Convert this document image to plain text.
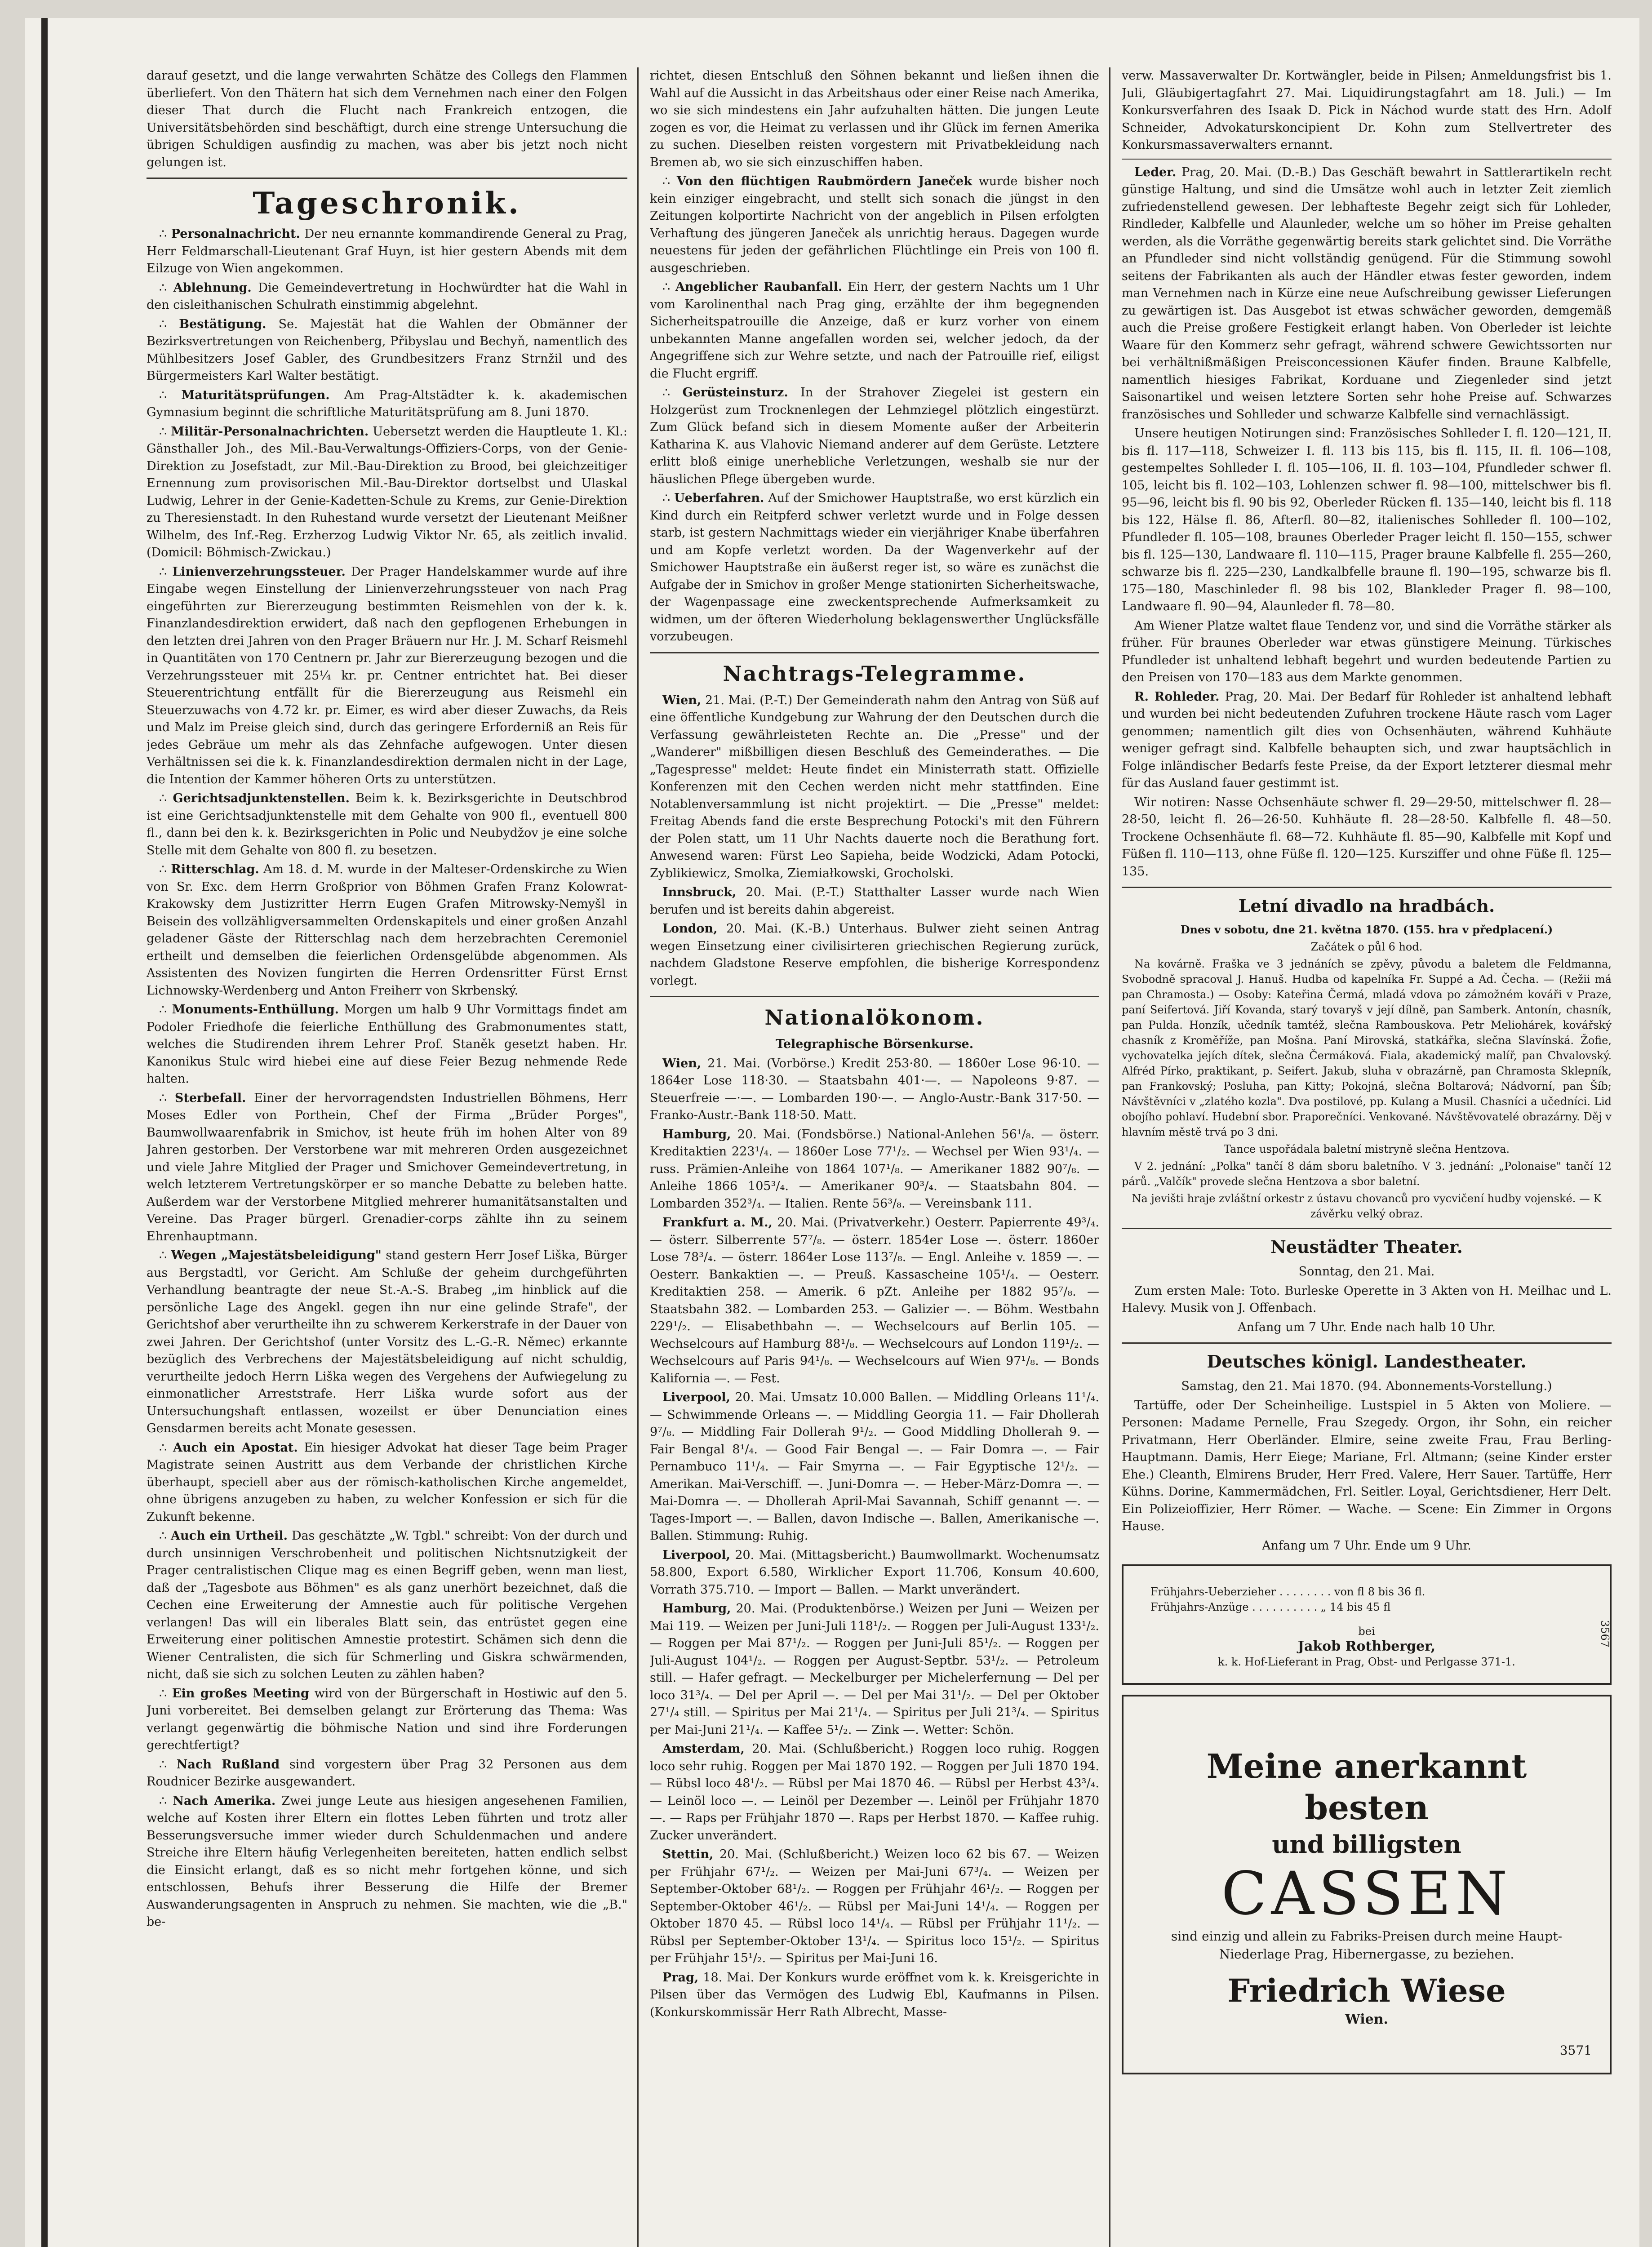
darauf gesetzt, und die lange verwahrten Schätze des Collegs den Flammen überliefert. Von den Thätern hat sich dem Vernehmen nach einer den Folgen dieser That durch die Flucht nach Frankreich entzogen, die Universitätsbehörden sind beschäftigt, durch eine strenge Untersuchung die übrigen Schuldigen ausfindig zu machen, was aber bis jetzt noch nicht gelungen ist.

Tageschronik.

∴ Personalnachricht. Der neu ernannte kommandirende General zu Prag, Herr Feldmarschall-Lieutenant Graf Huyn, ist hier gestern Abends mit dem Eilzuge von Wien angekommen.

∴ Ablehnung. Die Gemeindevertretung in Hochwürdter hat die Wahl in den cisleithanischen Schulrath einstimmig abgelehnt.

∴ Bestätigung. Se. Majestät hat die Wahlen der Obmänner der Bezirksvertretungen von Reichenberg, Přibyslau und Bechyň, namentlich des Mühlbesitzers Josef Gabler, des Grundbesitzers Franz Strnžil und des Bürgermeisters Karl Walter bestätigt.

∴ Maturitätsprüfungen. Am Prag-Altstädter k. k. akademischen Gymnasium beginnt die schriftliche Maturitätsprüfung am 8. Juni 1870.

∴ Militär-Personalnachrichten. Uebersetzt werden die Hauptleute 1. Kl.: Gänsthaller Joh., des Mil.-Bau-Verwaltungs-Offiziers-Corps, von der Genie-Direktion zu Josefstadt, zur Mil.-Bau-Direktion zu Brood, bei gleichzeitiger Ernennung zum provisorischen Mil.-Bau-Direktor dortselbst und Ulaskal Ludwig, Lehrer in der Genie-Kadetten-Schule zu Krems, zur Genie-Direktion zu Theresienstadt. In den Ruhestand wurde versetzt der Lieutenant Meißner Wilhelm, des Inf.-Reg. Erzherzog Ludwig Viktor Nr. 65, als zeitlich invalid. (Domicil: Böhmisch-Zwickau.)

∴ Linienverzehrungssteuer. Der Prager Handelskammer wurde auf ihre Eingabe wegen Einstellung der Linienverzehrungssteuer von nach Prag eingeführten zur Biererzeugung bestimmten Reismehlen von der k. k. Finanzlandesdirektion erwidert, daß nach den gepflogenen Erhebungen in den letzten drei Jahren von den Prager Bräuern nur Hr. J. M. Scharf Reismehl in Quantitäten von 170 Centnern pr. Jahr zur Biererzeugung bezogen und die Verzehrungssteuer mit 25¼ kr. pr. Centner entrichtet hat. Bei dieser Steuerentrichtung entfällt für die Biererzeugung aus Reismehl ein Steuerzuwachs von 4.72 kr. pr. Eimer, es wird aber dieser Zuwachs, da Reis und Malz im Preise gleich sind, durch das geringere Erforderniß an Reis für jedes Gebräue um mehr als das Zehnfache aufgewogen. Unter diesen Verhältnissen sei die k. k. Finanzlandesdirektion dermalen nicht in der Lage, die Intention der Kammer höheren Orts zu unterstützen.

∴ Gerichtsadjunktenstellen. Beim k. k. Bezirksgerichte in Deutschbrod ist eine Gerichtsadjunktenstelle mit dem Gehalte von 900 fl., eventuell 800 fl., dann bei den k. k. Bezirksgerichten in Polic und Neubydžov je eine solche Stelle mit dem Gehalte von 800 fl. zu besetzen.

∴ Ritterschlag. Am 18. d. M. wurde in der Malteser-Ordenskirche zu Wien von Sr. Exc. dem Herrn Großprior von Böhmen Grafen Franz Kolowrat-Krakowsky dem Justizritter Herrn Eugen Grafen Mitrowsky-Nemyšl in Beisein des vollzähligversammelten Ordenskapitels und einer großen Anzahl geladener Gäste der Ritterschlag nach dem herzebrachten Ceremoniel ertheilt und demselben die feierlichen Ordensgelübde abgenommen. Als Assistenten des Novizen fungirten die Herren Ordensritter Fürst Ernst Lichnowsky-Werdenberg und Anton Freiherr von Skrbenský.

∴ Monuments-Enthüllung. Morgen um halb 9 Uhr Vormittags findet am Podoler Friedhofe die feierliche Enthüllung des Grabmonumentes statt, welches die Studirenden ihrem Lehrer Prof. Staněk gesetzt haben. Hr. Kanonikus Stulc wird hiebei eine auf diese Feier Bezug nehmende Rede halten.

∴ Sterbefall. Einer der hervorragendsten Industriellen Böhmens, Herr Moses Edler von Porthein, Chef der Firma „Brüder Porges", Baumwollwaarenfabrik in Smichov, ist heute früh im hohen Alter von 89 Jahren gestorben. Der Verstorbene war mit mehreren Orden ausgezeichnet und viele Jahre Mitglied der Prager und Smichover Gemeindevertretung, in welch letzterem Vertretungskörper er so manche Debatte zu beleben hatte. Außerdem war der Verstorbene Mitglied mehrerer humanitätsanstalten und Vereine. Das Prager bürgerl. Grenadier-corps zählte ihn zu seinem Ehrenhauptmann.

∴ Wegen „Majestätsbeleidigung" stand gestern Herr Josef Liška, Bürger aus Bergstadtl, vor Gericht. Am Schluße der geheim durchgeführten Verhandlung beantragte der neue St.-A.-S. Brabeg „im hinblick auf die persönliche Lage des Angekl. gegen ihn nur eine gelinde Strafe", der Gerichtshof aber verurtheilte ihn zu schwerem Kerkerstrafe in der Dauer von zwei Jahren. Der Gerichtshof (unter Vorsitz des L.-G.-R. Němec) erkannte bezüglich des Verbrechens der Majestätsbeleidigung auf nicht schuldig, verurtheilte jedoch Herrn Liška wegen des Vergehens der Aufwiegelung zu einmonatlicher Arreststrafe. Herr Liška wurde sofort aus der Untersuchungshaft entlassen, wozeilst er über Denunciation eines Gensdarmen bereits acht Monate gesessen.

∴ Auch ein Apostat. Ein hiesiger Advokat hat dieser Tage beim Prager Magistrate seinen Austritt aus dem Verbande der christlichen Kirche überhaupt, speciell aber aus der römisch-katholischen Kirche angemeldet, ohne übrigens anzugeben zu haben, zu welcher Konfession er sich für die Zukunft bekenne.

∴ Auch ein Urtheil. Das geschätzte „W. Tgbl." schreibt: Von der durch und durch unsinnigen Verschrobenheit und politischen Nichtsnutzigkeit der Prager centralistischen Clique mag es einen Begriff geben, wenn man liest, daß der „Tagesbote aus Böhmen" es als ganz unerhört bezeichnet, daß die Cechen eine Erweiterung der Amnestie auch für politische Vergehen verlangen! Das will ein liberales Blatt sein, das entrüstet gegen eine Erweiterung einer politischen Amnestie protestirt. Schämen sich denn die Wiener Centralisten, die sich für Schmerling und Giskra schwärmenden, nicht, daß sie sich zu solchen Leuten zu zählen haben?

∴ Ein großes Meeting wird von der Bürgerschaft in Hostiwic auf den 5. Juni vorbereitet. Bei demselben gelangt zur Erörterung das Thema: Was verlangt gegenwärtig die böhmische Nation und sind ihre Forderungen gerechtfertigt?

∴ Nach Rußland sind vorgestern über Prag 32 Personen aus dem Roudnicer Bezirke ausgewandert.

∴ Nach Amerika. Zwei junge Leute aus hiesigen angesehenen Familien, welche auf Kosten ihrer Eltern ein flottes Leben führten und trotz aller Besserungsversuche immer wieder durch Schuldenmachen und andere Streiche ihre Eltern häufig Verlegenheiten bereiteten, hatten endlich selbst die Einsicht erlangt, daß es so nicht mehr fortgehen könne, und sich entschlossen, Behufs ihrer Besserung die Hilfe der Bremer Auswanderungsagenten in Anspruch zu nehmen. Sie machten, wie die „B." be-

richtet, diesen Entschluß den Söhnen bekannt und ließen ihnen die Wahl auf die Aussicht in das Arbeitshaus oder einer Reise nach Amerika, wo sie sich mindestens ein Jahr aufzuhalten hätten. Die jungen Leute zogen es vor, die Heimat zu verlassen und ihr Glück im fernen Amerika zu suchen. Dieselben reisten vorgestern mit Privatbekleidung nach Bremen ab, wo sie sich einzuschiffen haben.

∴ Von den flüchtigen Raubmördern Janeček wurde bisher noch kein einziger eingebracht, und stellt sich sonach die jüngst in den Zeitungen kolportirte Nachricht von der angeblich in Pilsen erfolgten Verhaftung des jüngeren Janeček als unrichtig heraus. Dagegen wurde neuestens für jeden der gefährlichen Flüchtlinge ein Preis von 100 fl. ausgeschrieben.

∴ Angeblicher Raubanfall. Ein Herr, der gestern Nachts um 1 Uhr vom Karolinenthal nach Prag ging, erzählte der ihm begegnenden Sicherheitspatrouille die Anzeige, daß er kurz vorher von einem unbekannten Manne angefallen worden sei, welcher jedoch, da der Angegriffene sich zur Wehre setzte, und nach der Patrouille rief, eiligst die Flucht ergriff.

∴ Gerüsteinsturz. In der Strahover Ziegelei ist gestern ein Holzgerüst zum Trocknenlegen der Lehmziegel plötzlich eingestürzt. Zum Glück befand sich in diesem Momente außer der Arbeiterin Katharina K. aus Vlahovic Niemand anderer auf dem Gerüste. Letztere erlitt bloß einige unerhebliche Verletzungen, weshalb sie nur der häuslichen Pflege übergeben wurde.

∴ Ueberfahren. Auf der Smichower Hauptstraße, wo erst kürzlich ein Kind durch ein Reitpferd schwer verletzt wurde und in Folge dessen starb, ist gestern Nachmittags wieder ein vierjähriger Knabe überfahren und am Kopfe verletzt worden. Da der Wagenverkehr auf der Smichower Hauptstraße ein äußerst reger ist, so wäre es zunächst die Aufgabe der in Smichov in großer Menge stationirten Sicherheitswache, der Wagenpassage eine zweckentsprechende Aufmerksamkeit zu widmen, um der öfteren Wiederholung beklagenswerther Unglücksfälle vorzubeugen.

Nachtrags-Telegramme.

Wien, 21. Mai. (P.-T.) Der Gemeinderath nahm den Antrag von Süß auf eine öffentliche Kundgebung zur Wahrung der den Deutschen durch die Verfassung gewährleisteten Rechte an. Die „Presse" und der „Wanderer" mißbilligen diesen Beschluß des Gemeinderathes. — Die „Tagespresse" meldet: Heute findet ein Ministerrath statt. Offizielle Konferenzen mit den Cechen werden nicht mehr stattfinden. Eine Notablenversammlung ist nicht projektirt. — Die „Presse" meldet: Freitag Abends fand die erste Besprechung Potocki's mit den Führern der Polen statt, um 11 Uhr Nachts dauerte noch die Berathung fort. Anwesend waren: Fürst Leo Sapieha, beide Wodzicki, Adam Potocki, Zyblikiewicz, Smolka, Ziemiałkowski, Grocholski.

Innsbruck, 20. Mai. (P.-T.) Statthalter Lasser wurde nach Wien berufen und ist bereits dahin abgereist.

London, 20. Mai. (K.-B.) Unterhaus. Bulwer zieht seinen Antrag wegen Einsetzung einer civilisirteren griechischen Regierung zurück, nachdem Gladstone Reserve empfohlen, die bisherige Korrespondenz vorlegt.

Nationalökonom.

Telegraphische Börsenkurse.

Wien, 21. Mai. (Vorbörse.) Kredit 253·80. — 1860er Lose 96·10. — 1864er Lose 118·30. — Staatsbahn 401·—. — Napoleons 9·87. — Steuerfreie —·—. — Lombarden 190·—. — Anglo-Austr.-Bank 317·50. — Franko-Austr.-Bank 118·50. Matt.

Hamburg, 20. Mai. (Fondsbörse.) National-Anlehen 56¹/₈. — österr. Kreditaktien 223¹/₄. — 1860er Lose 77¹/₂. — Wechsel per Wien 93¹/₄. — russ. Prämien-Anleihe von 1864 107¹/₈. — Amerikaner 1882 90⁷/₈. — Anleihe 1866 105³/₄. — Amerikaner 90³/₄. — Staatsbahn 804. — Lombarden 352³/₄. — Italien. Rente 56³/₈. — Vereinsbank 111.

Frankfurt a. M., 20. Mai. (Privatverkehr.) Oesterr. Papierrente 49³/₄. — österr. Silberrente 57⁷/₈. — österr. 1854er Lose —. österr. 1860er Lose 78³/₄. — österr. 1864er Lose 113⁷/₈. — Engl. Anleihe v. 1859 —. — Oesterr. Bankaktien —. — Preuß. Kassascheine 105¹/₄. — Oesterr. Kreditaktien 258. — Amerik. 6 pZt. Anleihe per 1882 95⁷/₈. — Staatsbahn 382. — Lombarden 253. — Galizier —. — Böhm. Westbahn 229¹/₂. — Elisabethbahn —. — Wechselcours auf Berlin 105. — Wechselcours auf Hamburg 88¹/₈. — Wechselcours auf London 119¹/₂. — Wechselcours auf Paris 94¹/₈. — Wechselcours auf Wien 97¹/₈. — Bonds Kalifornia —. — Fest.

Liverpool, 20. Mai. Umsatz 10.000 Ballen. — Middling Orleans 11¹/₄. — Schwimmende Orleans —. — Middling Georgia 11. — Fair Dhollerah 9⁷/₈. — Middling Fair Dollerah 9¹/₂. — Good Middling Dhollerah 9. — Fair Bengal 8¹/₄. — Good Fair Bengal —. — Fair Domra —. — Fair Pernambuco 11¹/₄. — Fair Smyrna —. — Fair Egyptische 12¹/₂. — Amerikan. Mai-Verschiff. —. Juni-Domra —. — Heber-März-Domra —. — Mai-Domra —. — Dhollerah April-Mai Savannah, Schiff genannt —. — Tages-Import —. — Ballen, davon Indische —. Ballen, Amerikanische —. Ballen. Stimmung: Ruhig.

Liverpool, 20. Mai. (Mittagsbericht.) Baumwollmarkt. Wochenumsatz 58.800, Export 6.580, Wirklicher Export 11.706, Konsum 40.600, Vorrath 375.710. — Import — Ballen. — Markt unverändert.

Hamburg, 20. Mai. (Produktenbörse.) Weizen per Juni — Weizen per Mai 119. — Weizen per Juni-Juli 118¹/₂. — Roggen per Juli-August 133¹/₂. — Roggen per Mai 87¹/₂. — Roggen per Juni-Juli 85¹/₂. — Roggen per Juli-August 104¹/₂. — Roggen per August-Septbr. 53¹/₂. — Petroleum still. — Hafer gefragt. — Meckelburger per Michelerfernung — Del per loco 31³/₄. — Del per April —. — Del per Mai 31¹/₂. — Del per Oktober 27¹/₄ still. — Spiritus per Mai 21¹/₄. — Spiritus per Juli 21³/₄. — Spiritus per Mai-Juni 21¹/₄. — Kaffee 5¹/₂. — Zink —. Wetter: Schön.

Amsterdam, 20. Mai. (Schlußbericht.) Roggen loco ruhig. Roggen loco sehr ruhig. Roggen per Mai 1870 192. — Roggen per Juli 1870 194. — Rübsl loco 48¹/₂. — Rübsl per Mai 1870 46. — Rübsl per Herbst 43³/₄. — Leinöl loco —. — Leinöl per Dezember —. Leinöl per Frühjahr 1870 —. — Raps per Frühjahr 1870 —. Raps per Herbst 1870. — Kaffee ruhig. Zucker unverändert.

Stettin, 20. Mai. (Schlußbericht.) Weizen loco 62 bis 67. — Weizen per Frühjahr 67¹/₂. — Weizen per Mai-Juni 67³/₄. — Weizen per September-Oktober 68¹/₂. — Roggen per Frühjahr 46¹/₂. — Roggen per September-Oktober 46¹/₂. — Rübsl per Mai-Juni 14¹/₄. — Roggen per Oktober 1870 45. — Rübsl loco 14¹/₄. — Rübsl per Frühjahr 11¹/₂. — Rübsl per September-Oktober 13¹/₄. — Spiritus loco 15¹/₂. — Spiritus per Frühjahr 15¹/₂. — Spiritus per Mai-Juni 16.

Prag, 18. Mai. Der Konkurs wurde eröffnet vom k. k. Kreisgerichte in Pilsen über das Vermögen des Ludwig Ebl, Kaufmanns in Pilsen. (Konkurskommissär Herr Rath Albrecht, Masse-

verw. Massaverwalter Dr. Kortwängler, beide in Pilsen; Anmeldungsfrist bis 1. Juli, Gläubigertagfahrt 27. Mai. Liquidirungstagfahrt am 18. Juli.) — Im Konkursverfahren des Isaak D. Pick in Náchod wurde statt des Hrn. Adolf Schneider, Advokaturskoncipient Dr. Kohn zum Stellvertreter des Konkursmassaverwalters ernannt.

Leder. Prag, 20. Mai. (D.-B.) Das Geschäft bewahrt in Sattlerartikeln recht günstige Haltung, und sind die Umsätze wohl auch in letzter Zeit ziemlich zufriedenstellend gewesen. Der lebhafteste Begehr zeigt sich für Lohleder, Rindleder, Kalbfelle und Alaunleder, welche um so höher im Preise gehalten werden, als die Vorräthe gegenwärtig bereits stark gelichtet sind. Die Vorräthe an Pfundleder sind nicht vollständig genügend. Für die Stimmung sowohl seitens der Fabrikanten als auch der Händler etwas fester geworden, indem man Vernehmen nach in Kürze eine neue Aufschreibung gewisser Lieferungen zu gewärtigen ist. Das Ausgebot ist etwas schwächer geworden, demgemäß auch die Preise großere Festigkeit erlangt haben. Von Oberleder ist leichte Waare für den Kommerz sehr gefragt, während schwere Gewichtssorten nur bei verhältnißmäßigen Preisconcessionen Käufer finden. Braune Kalbfelle, namentlich hiesiges Fabrikat, Korduane und Ziegenleder sind jetzt Saisonartikel und weisen letztere Sorten sehr hohe Preise auf. Schwarzes französisches und Sohlleder und schwarze Kalbfelle sind vernachlässigt.

Unsere heutigen Notirungen sind: Französisches Sohlleder I. fl. 120—121, II. bis fl. 117—118, Schweizer I. fl. 113 bis 115, bis fl. 115, II. fl. 106—108, gestempeltes Sohlleder I. fl. 105—106, II. fl. 103—104, Pfundleder schwer fl. 105, leicht bis fl. 102—103, Lohlenzen schwer fl. 98—100, mittelschwer bis fl. 95—96, leicht bis fl. 90 bis 92, Oberleder Rücken fl. 135—140, leicht bis fl. 118 bis 122, Hälse fl. 86, Afterfl. 80—82, italienisches Sohlleder fl. 100—102, Pfundleder fl. 105—108, braunes Oberleder Prager leicht fl. 150—155, schwer bis fl. 125—130, Landwaare fl. 110—115, Prager braune Kalbfelle fl. 255—260, schwarze bis fl. 225—230, Landkalbfelle braune fl. 190—195, schwarze bis fl. 175—180, Maschinleder fl. 98 bis 102, Blankleder Prager fl. 98—100, Landwaare fl. 90—94, Alaunleder fl. 78—80.

Am Wiener Platze waltet flaue Tendenz vor, und sind die Vorräthe stärker als früher. Für braunes Oberleder war etwas günstigere Meinung. Türkisches Pfundleder ist unhaltend lebhaft begehrt und wurden bedeutende Partien zu den Preisen von 170—183 aus dem Markte genommen.

R. Rohleder. Prag, 20. Mai. Der Bedarf für Rohleder ist anhaltend lebhaft und wurden bei nicht bedeutenden Zufuhren trockene Häute rasch vom Lager genommen; namentlich gilt dies von Ochsenhäuten, während Kuhhäute weniger gefragt sind. Kalbfelle behaupten sich, und zwar hauptsächlich in Folge inländischer Bedarfs feste Preise, da der Export letzterer diesmal mehr für das Ausland fauer gestimmt ist.

Wir notiren: Nasse Ochsenhäute schwer fl. 29—29·50, mittelschwer fl. 28—28·50, leicht fl. 26—26·50. Kuhhäute fl. 28—28·50. Kalbfelle fl. 48—50. Trockene Ochsenhäute fl. 68—72. Kuhhäute fl. 85—90, Kalbfelle mit Kopf und Füßen fl. 110—113, ohne Füße fl. 120—125. Kursziffer und ohne Füße fl. 125—135.

Letní divadlo na hradbách.

Dnes v sobotu, dne 21. května 1870. (155. hra v předplacení.)

Začátek o půl 6 hod.

Na kovárně. Fraška ve 3 jednáních se zpěvy, původu a baletem dle Feldmanna, Svobodně spracoval J. Hanuš. Hudba od kapelníka Fr. Suppé a Ad. Čecha. — (Režii má pan Chramosta.) — Osoby: Kateřina Čermá, mladá vdova po zámožném kováři v Praze, paní Seifertová. Jiří Kovanda, starý tovaryš v její dílně, pan Samberk. Antonín, chasník, pan Pulda. Honzík, učedník tamtéž, slečna Rambouskova. Petr Meliohárek, kovářský chasník z Kroměříže, pan Mošna. Paní Mirovská, statkářka, slečna Slavínská. Žofie, vychovatelka jejích dítek, slečna Čermáková. Fiala, akademický malíř, pan Chvalovský. Alfréd Pírko, praktikant, p. Seifert. Jakub, sluha v obrazárně, pan Chramosta Sklepník, pan Frankovský; Posluha, pan Kitty; Pokojná, slečna Boltarová; Nádvorní, pan Šíb; Návštěvníci v „zlatého kozla". Dva postilové, pp. Kulang a Musil. Chasníci a učedníci. Lid obojího pohlaví. Hudební sbor. Praporečníci. Venkované. Návštěvovatelé obrazárny. Děj v hlavním městě trvá po 3 dni.

Tance uspořádala baletní mistryně slečna Hentzova.

V 2. jednání: „Polka" tančí 8 dám sboru baletního. V 3. jednání: „Polonaise" tančí 12 párů. „Valčík" provede slečna Hentzova a sbor baletní.

Na jevišti hraje zvláštní orkestr z ústavu chovanců pro vycvičení hudby vojenské. — K závěrku velký obraz.

Neustädter Theater.

Sonntag, den 21. Mai.

Zum ersten Male: Toto. Burleske Operette in 3 Akten von H. Meilhac und L. Halevy. Musik von J. Offenbach.

Anfang um 7 Uhr. Ende nach halb 10 Uhr.

Deutsches königl. Landestheater.

Samstag, den 21. Mai 1870. (94. Abonnements-Vorstellung.)

Tartüffe, oder Der Scheinheilige. Lustspiel in 5 Akten von Moliere. — Personen: Madame Pernelle, Frau Szegedy. Orgon, ihr Sohn, ein reicher Privatmann, Herr Oberländer. Elmire, seine zweite Frau, Frau Berling-Hauptmann. Damis, Herr Eiege; Mariane, Frl. Altmann; (seine Kinder erster Ehe.) Cleanth, Elmirens Bruder, Herr Fred. Valere, Herr Sauer. Tartüffe, Herr Kühns. Dorine, Kammermädchen, Frl. Seitler. Loyal, Gerichtsdiener, Herr Delt. Ein Polizeioffizier, Herr Römer. — Wache. — Scene: Ein Zimmer in Orgons Hause.

Anfang um 7 Uhr. Ende um 9 Uhr.

Frühjahrs-Ueberzieher . . . . . . . . von fl 8 bis 36 fl.
Frühjahrs-Anzüge . . . . . . . . . . „ 14 bis 45 fl
bei
Jakob Rothberger,
k. k. Hof-Lieferant in Prag, Obst- und Perlgasse 371-1.
3567
Meine anerkannt besten
und billigsten
CASSEN
sind einzig und allein zu Fabriks-Preisen durch meine Haupt-Niederlage Prag, Hibernergasse, zu beziehen.
Friedrich Wiese
Wien.
3571
